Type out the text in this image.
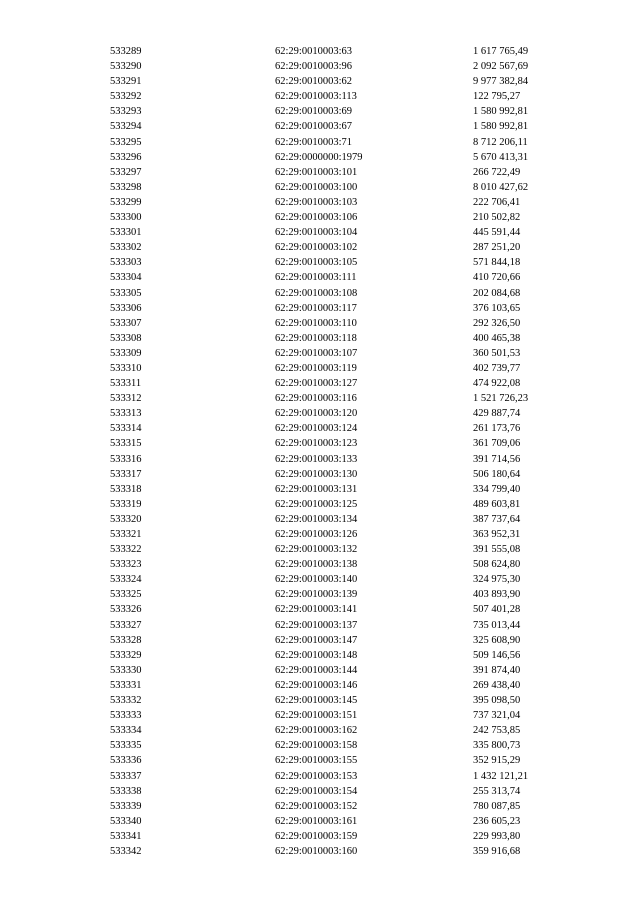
533289	62:29:0010003:63	1 617 765,49
533290	62:29:0010003:96	2 092 567,69
533291	62:29:0010003:62	9 977 382,84
533292	62:29:0010003:113	122 795,27
533293	62:29:0010003:69	1 580 992,81
533294	62:29:0010003:67	1 580 992,81
533295	62:29:0010003:71	8 712 206,11
533296	62:29:0000000:1979	5 670 413,31
533297	62:29:0010003:101	266 722,49
533298	62:29:0010003:100	8 010 427,62
533299	62:29:0010003:103	222 706,41
533300	62:29:0010003:106	210 502,82
533301	62:29:0010003:104	445 591,44
533302	62:29:0010003:102	287 251,20
533303	62:29:0010003:105	571 844,18
533304	62:29:0010003:111	410 720,66
533305	62:29:0010003:108	202 084,68
533306	62:29:0010003:117	376 103,65
533307	62:29:0010003:110	292 326,50
533308	62:29:0010003:118	400 465,38
533309	62:29:0010003:107	360 501,53
533310	62:29:0010003:119	402 739,77
533311	62:29:0010003:127	474 922,08
533312	62:29:0010003:116	1 521 726,23
533313	62:29:0010003:120	429 887,74
533314	62:29:0010003:124	261 173,76
533315	62:29:0010003:123	361 709,06
533316	62:29:0010003:133	391 714,56
533317	62:29:0010003:130	506 180,64
533318	62:29:0010003:131	334 799,40
533319	62:29:0010003:125	489 603,81
533320	62:29:0010003:134	387 737,64
533321	62:29:0010003:126	363 952,31
533322	62:29:0010003:132	391 555,08
533323	62:29:0010003:138	508 624,80
533324	62:29:0010003:140	324 975,30
533325	62:29:0010003:139	403 893,90
533326	62:29:0010003:141	507 401,28
533327	62:29:0010003:137	735 013,44
533328	62:29:0010003:147	325 608,90
533329	62:29:0010003:148	509 146,56
533330	62:29:0010003:144	391 874,40
533331	62:29:0010003:146	269 438,40
533332	62:29:0010003:145	395 098,50
533333	62:29:0010003:151	737 321,04
533334	62:29:0010003:162	242 753,85
533335	62:29:0010003:158	335 800,73
533336	62:29:0010003:155	352 915,29
533337	62:29:0010003:153	1 432 121,21
533338	62:29:0010003:154	255 313,74
533339	62:29:0010003:152	780 087,85
533340	62:29:0010003:161	236 605,23
533341	62:29:0010003:159	229 993,80
533342	62:29:0010003:160	359 916,68
